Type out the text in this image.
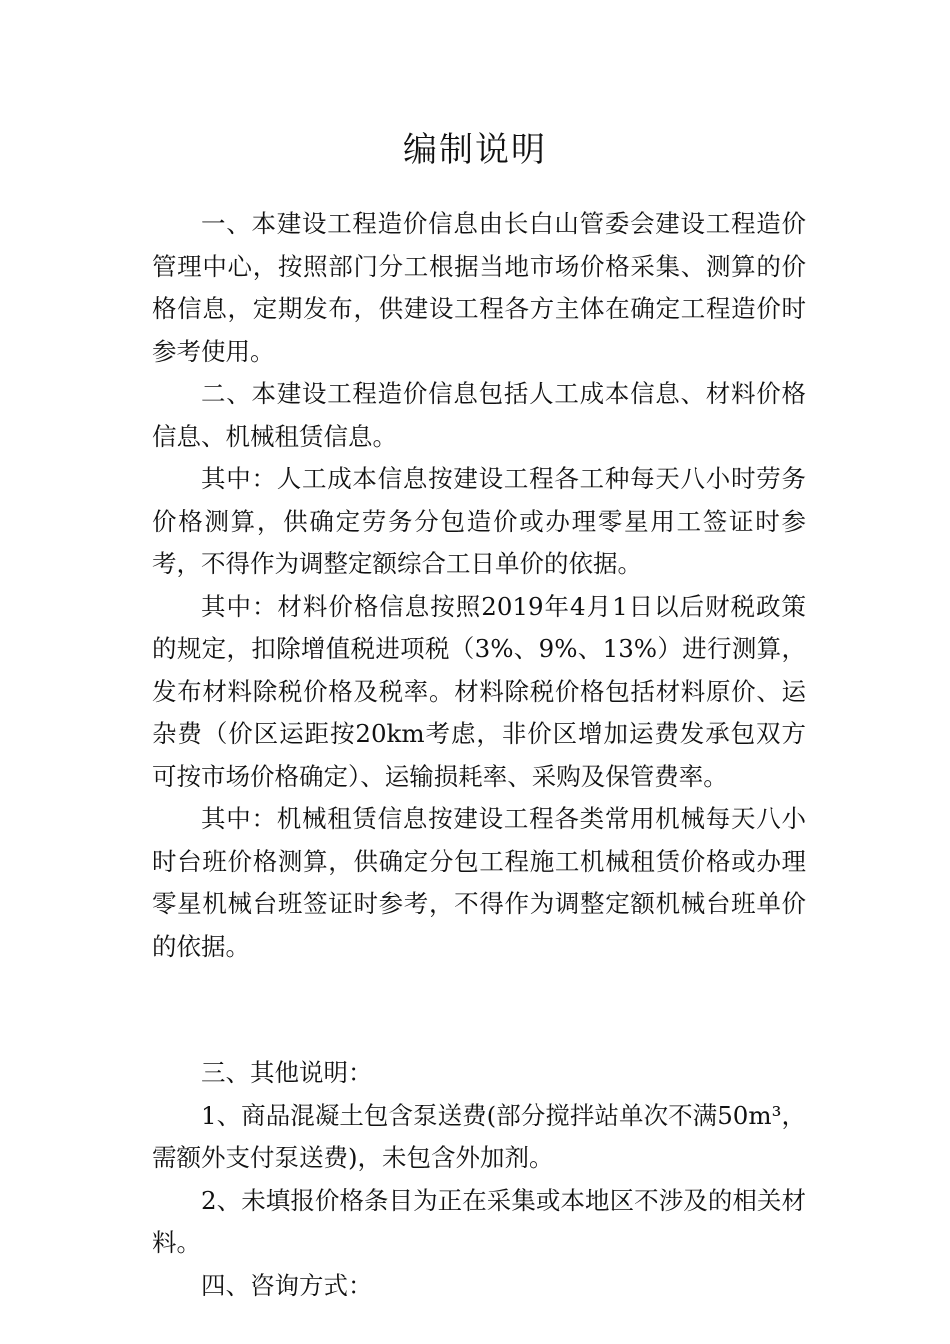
编制说明

一、本建设工程造价信息由长白山管委会建设工程造价管理中心，按照部门分工根据当地市场价格采集、测算的价格信息，定期发布，供建设工程各方主体在确定工程造价时参考使用。

二、本建设工程造价信息包括人工成本信息、材料价格信息、机械租赁信息。

其中：人工成本信息按建设工程各工种每天八小时劳务价格测算，供确定劳务分包造价或办理零星用工签证时参考，不得作为调整定额综合工日单价的依据。

其中：材料价格信息按照2019年4月1日以后财税政策的规定，扣除增值税进项税（3%、9%、13%）进行测算，发布材料除税价格及税率。材料除税价格包括材料原价、运杂费（价区运距按20km考虑，非价区增加运费发承包双方可按市场价格确定）、运输损耗率、采购及保管费率。

其中：机械租赁信息按建设工程各类常用机械每天八小时台班价格测算，供确定分包工程施工机械租赁价格或办理零星机械台班签证时参考，不得作为调整定额机械台班单价的依据。

三、其他说明：

1、商品混凝土包含泵送费(部分搅拌站单次不满50m³，需额外支付泵送费)，未包含外加剂。

2、未填报价格条目为正在采集或本地区不涉及的相关材料。

四、咨询方式：
